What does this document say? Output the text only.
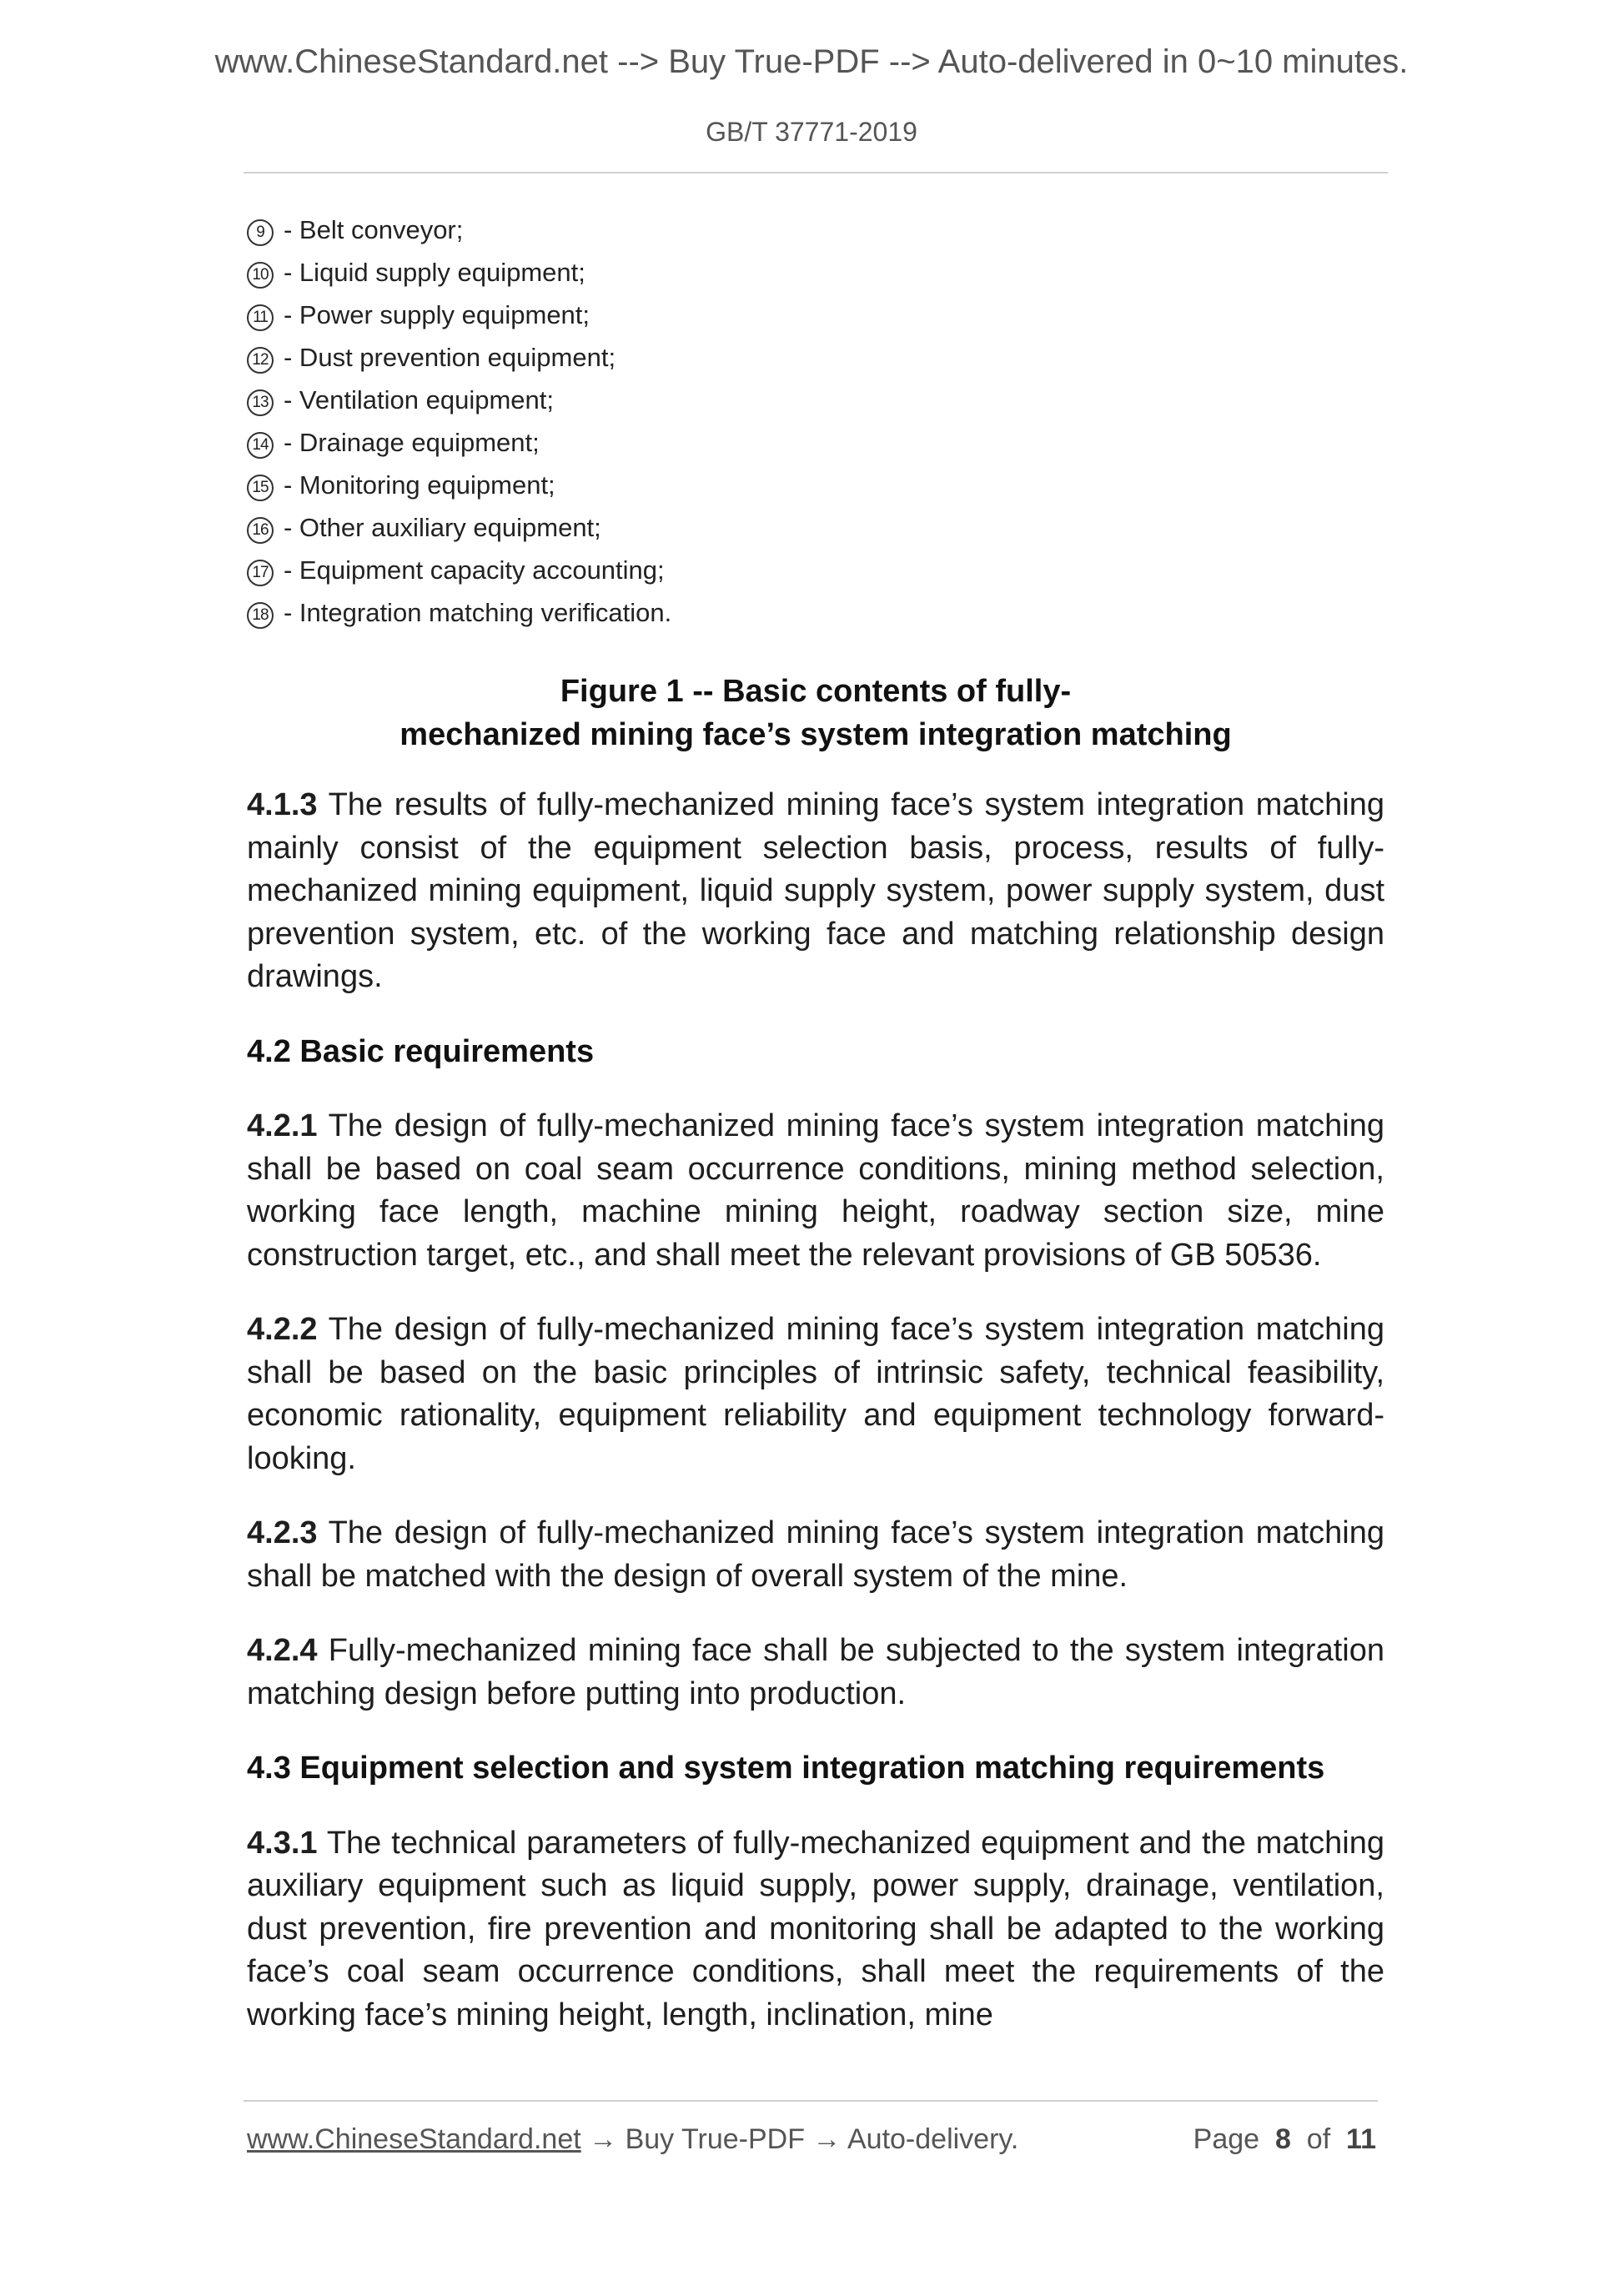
www.ChineseStandard.net --> Buy True-PDF --> Auto-delivered in 0~10 minutes.
GB/T 37771-2019
9 - Belt conveyor;
10 - Liquid supply equipment;
11 - Power supply equipment;
12 - Dust prevention equipment;
13 - Ventilation equipment;
14 - Drainage equipment;
15 - Monitoring equipment;
16 - Other auxiliary equipment;
17 - Equipment capacity accounting;
18 - Integration matching verification.
Figure 1 -- Basic contents of fully-
mechanized mining face’s system integration matching

4.1.3 The results of fully-mechanized mining face’s system integration matching mainly consist of the equipment selection basis, process, results of fully-mechanized mining equipment, liquid supply system, power supply system, dust prevention system, etc. of the working face and matching relationship design drawings.

4.2 Basic requirements

4.2.1 The design of fully-mechanized mining face’s system integration matching shall be based on coal seam occurrence conditions, mining method selection, working face length, machine mining height, roadway section size, mine construction target, etc., and shall meet the relevant provisions of GB 50536.

4.2.2 The design of fully-mechanized mining face’s system integration matching shall be based on the basic principles of intrinsic safety, technical feasibility, economic rationality, equipment reliability and equipment technology forward-looking.

4.2.3 The design of fully-mechanized mining face’s system integration matching shall be matched with the design of overall system of the mine.

4.2.4 Fully-mechanized mining face shall be subjected to the system integration matching design before putting into production.

4.3 Equipment selection and system integration matching requirements

4.3.1 The technical parameters of fully-mechanized equipment and the matching auxiliary equipment such as liquid supply, power supply, drainage, ventilation, dust prevention, fire prevention and monitoring shall be adapted to the working face’s coal seam occurrence conditions, shall meet the requirements of the working face’s mining height, length, inclination, mine

www.ChineseStandard.net → Buy True-PDF → Auto-delivery.	Page 8 of 11
